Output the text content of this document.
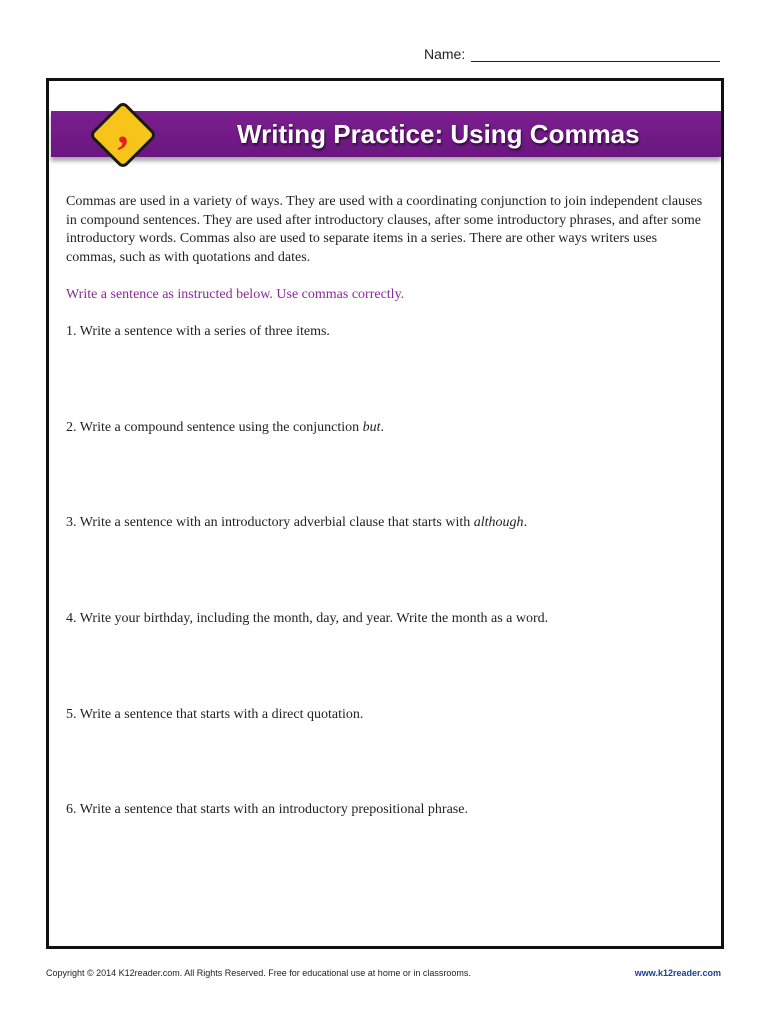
Name:
Writing Practice: Using Commas
,

Commas are used in a variety of ways. They are used with a coordinating conjunction to join independent clauses in compound sentences. They are used after introductory clauses, after some introductory phrases, and after some introductory words. Commas also are used to separate items in a series. There are other ways writers uses commas, such as with quotations and dates.

Write a sentence as instructed below. Use commas correctly.

1. Write a sentence with a series of three items.

2. Write a compound sentence using the conjunction but.

3. Write a sentence with an introductory adverbial clause that starts with although.

4. Write your birthday, including the month, day, and year. Write the month as a word.

5. Write a sentence that starts with a direct quotation.

6. Write a sentence that starts with an introductory prepositional phrase.

Copyright © 2014 K12reader.com. All Rights Reserved. Free for educational use at home or in classrooms.	www.k12reader.com
